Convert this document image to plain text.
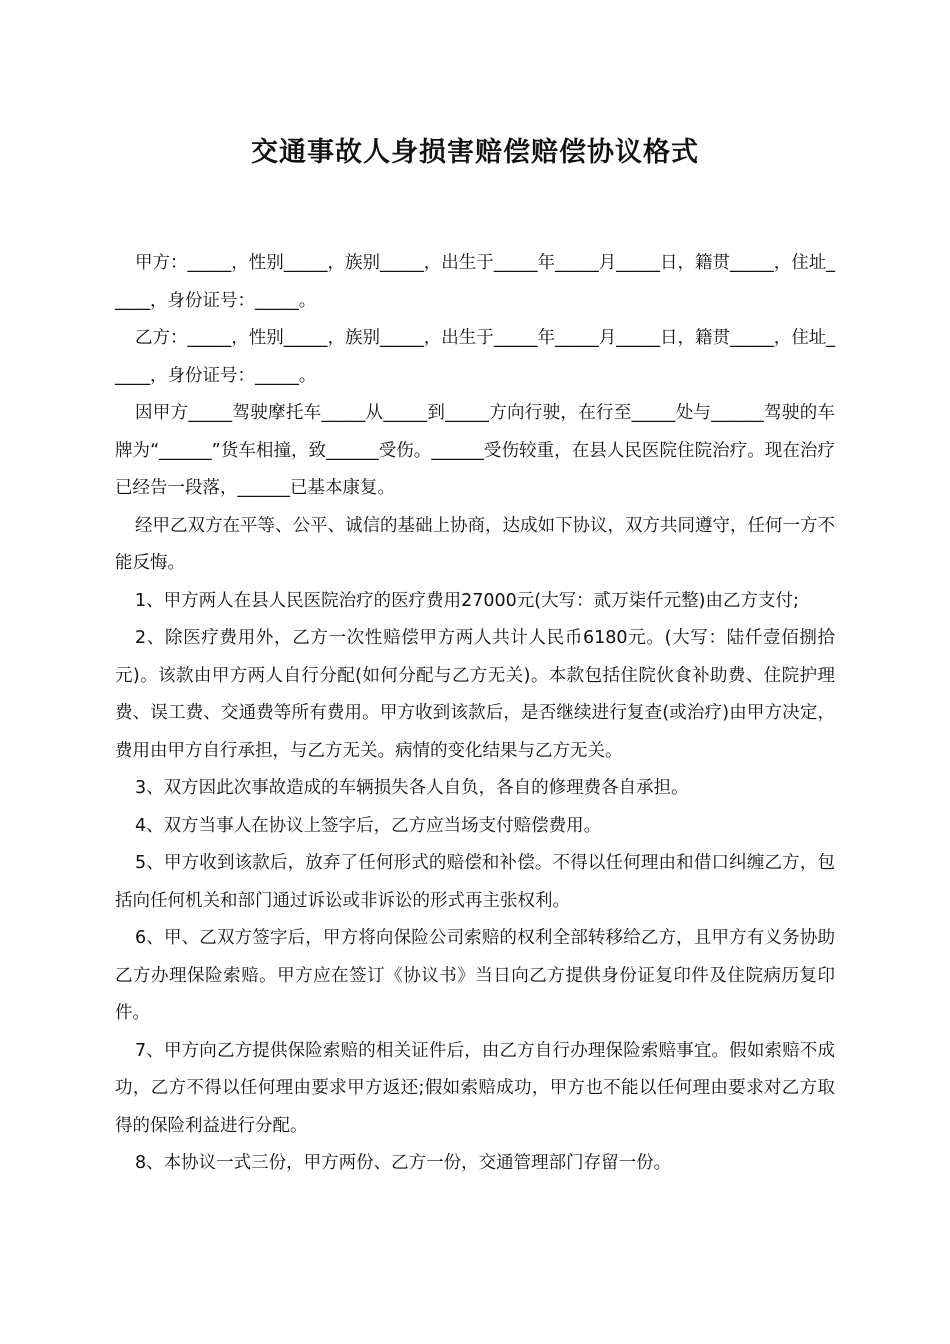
交通事故人身损害赔偿赔偿协议格式

甲方：_____，性别_____，族别_____，出生于_____年_____月_____日，籍贯_____，住址_____，身份证号：_____。

乙方：_____，性别_____，族别_____，出生于_____年_____月_____日，籍贯_____，住址_____，身份证号：_____。

因甲方_____驾驶摩托车_____从_____到_____方向行驶，在行至_____处与______驾驶的车牌为“______”货车相撞，致______受伤。______受伤较重，在县人民医院住院治疗。现在治疗已经告一段落，______已基本康复。

经甲乙双方在平等、公平、诚信的基础上协商，达成如下协议，双方共同遵守，任何一方不能反悔。

1、甲方两人在县人民医院治疗的医疗费用27000元(大写：贰万柒仟元整)由乙方支付;

2、除医疗费用外，乙方一次性赔偿甲方两人共计人民币6180元。(大写：陆仟壹佰捌拾元)。该款由甲方两人自行分配(如何分配与乙方无关)。本款包括住院伙食补助费、住院护理费、误工费、交通费等所有费用。甲方收到该款后，是否继续进行复查(或治疗)由甲方决定，费用由甲方自行承担，与乙方无关。病情的变化结果与乙方无关。

3、双方因此次事故造成的车辆损失各人自负，各自的修理费各自承担。

4、双方当事人在协议上签字后，乙方应当场支付赔偿费用。

5、甲方收到该款后，放弃了任何形式的赔偿和补偿。不得以任何理由和借口纠缠乙方，包括向任何机关和部门通过诉讼或非诉讼的形式再主张权利。

6、甲、乙双方签字后，甲方将向保险公司索赔的权利全部转移给乙方，且甲方有义务协助乙方办理保险索赔。甲方应在签订《协议书》当日向乙方提供身份证复印件及住院病历复印件。

7、甲方向乙方提供保险索赔的相关证件后，由乙方自行办理保险索赔事宜。假如索赔不成功，乙方不得以任何理由要求甲方返还;假如索赔成功，甲方也不能以任何理由要求对乙方取得的保险利益进行分配。

8、本协议一式三份，甲方两份、乙方一份，交通管理部门存留一份。
